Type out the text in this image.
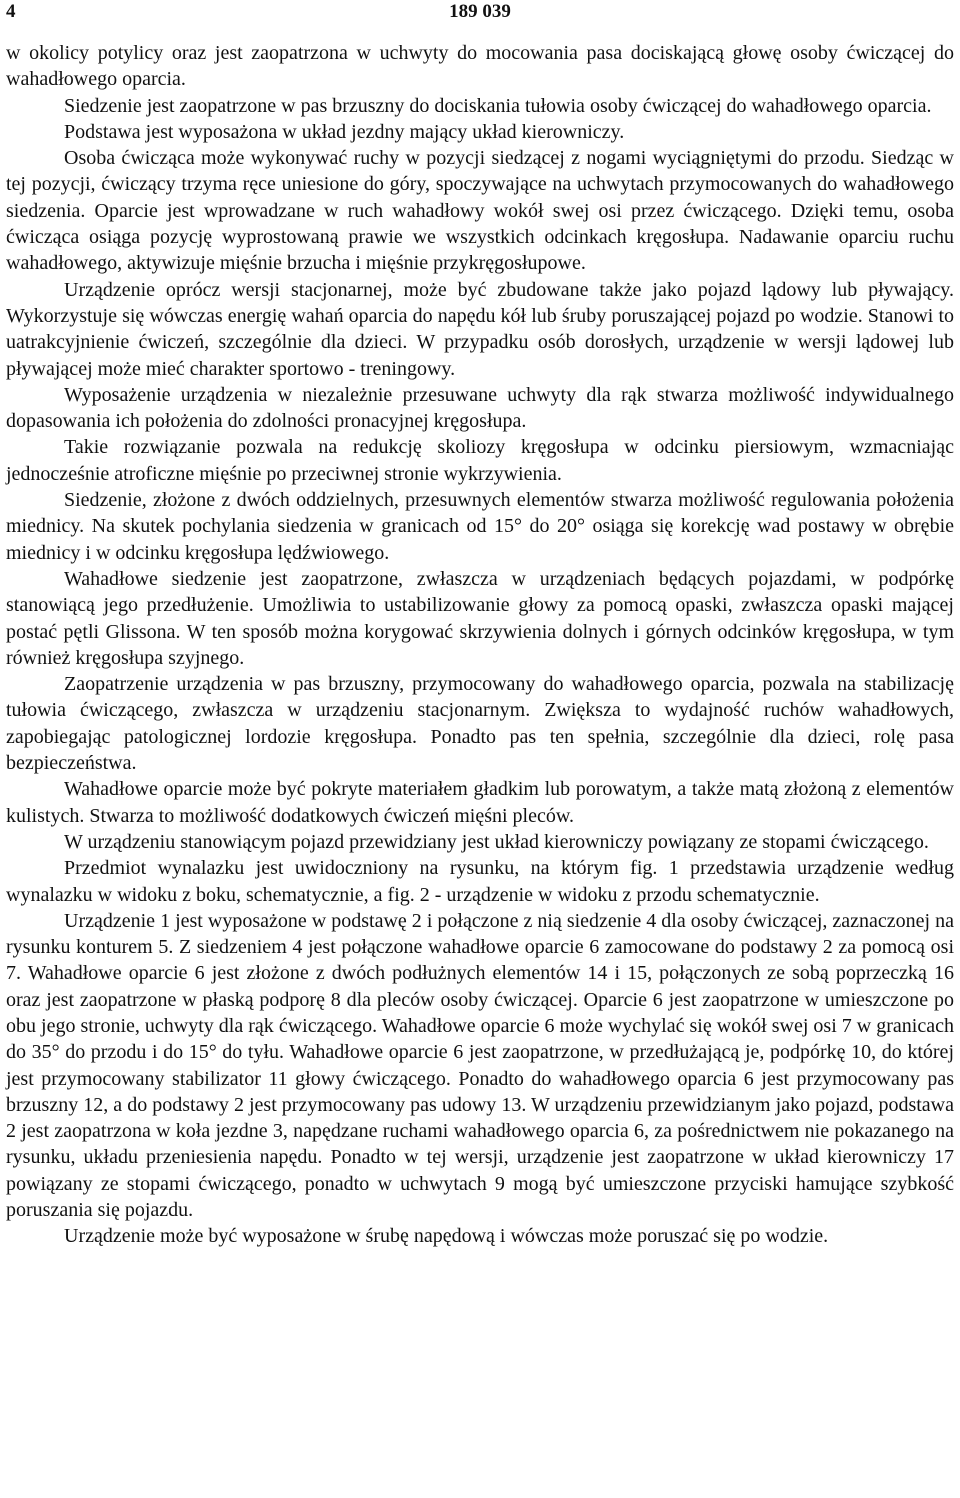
4	189 039

w okolicy potylicy oraz jest zaopatrzona w uchwyty do mocowania pasa dociskającą głowę osoby ćwiczącej do wahadłowego oparcia.

Siedzenie jest zaopatrzone w pas brzuszny do dociskania tułowia osoby ćwiczącej do wahadłowego oparcia.

Podstawa jest wyposażona w układ jezdny mający układ kierowniczy.

Osoba ćwicząca może wykonywać ruchy w pozycji siedzącej z nogami wyciągniętymi do przodu. Siedząc w tej pozycji, ćwiczący trzyma ręce uniesione do góry, spoczywające na uchwytach przymocowanych do wahadłowego siedzenia. Oparcie jest wprowadzane w ruch wahadłowy wokół swej osi przez ćwiczącego. Dzięki temu, osoba ćwicząca osiąga pozycję wyprostowaną prawie we wszystkich odcinkach kręgosłupa. Nadawanie oparciu ruchu wahadłowego, aktywizuje mięśnie brzucha i mięśnie przykręgosłupowe.

Urządzenie oprócz wersji stacjonarnej, może być zbudowane także jako pojazd lądowy lub pływający. Wykorzystuje się wówczas energię wahań oparcia do napędu kół lub śruby poruszającej pojazd po wodzie. Stanowi to uatrakcyjnienie ćwiczeń, szczególnie dla dzieci. W przypadku osób dorosłych, urządzenie w wersji lądowej lub pływającej może mieć charakter sportowo - treningowy.

Wyposażenie urządzenia w niezależnie przesuwane uchwyty dla rąk stwarza możliwość indywidualnego dopasowania ich położenia do zdolności pronacyjnej kręgosłupa.

Takie rozwiązanie pozwala na redukcję skoliozy kręgosłupa w odcinku piersiowym, wzmacniając jednocześnie atroficzne mięśnie po przeciwnej stronie wykrzywienia.

Siedzenie, złożone z dwóch oddzielnych, przesuwnych elementów stwarza możliwość regulowania położenia miednicy. Na skutek pochylania siedzenia w granicach od 15° do 20° osiąga się korekcję wad postawy w obrębie miednicy i w odcinku kręgosłupa lędźwiowego.

Wahadłowe siedzenie jest zaopatrzone, zwłaszcza w urządzeniach będących pojazdami, w podpórkę stanowiącą jego przedłużenie. Umożliwia to ustabilizowanie głowy za pomocą opaski, zwłaszcza opaski mającej postać pętli Glissona. W ten sposób można korygować skrzywienia dolnych i górnych odcinków kręgosłupa, w tym również kręgosłupa szyjnego.

Zaopatrzenie urządzenia w pas brzuszny, przymocowany do wahadłowego oparcia, pozwala na stabilizację tułowia ćwiczącego, zwłaszcza w urządzeniu stacjonarnym. Zwiększa to wydajność ruchów wahadłowych, zapobiegając patologicznej lordozie kręgosłupa. Ponadto pas ten spełnia, szczególnie dla dzieci, rolę pasa bezpieczeństwa.

Wahadłowe oparcie może być pokryte materiałem gładkim lub porowatym, a także matą złożoną z elementów kulistych. Stwarza to możliwość dodatkowych ćwiczeń mięśni pleców.

W urządzeniu stanowiącym pojazd przewidziany jest układ kierowniczy powiązany ze stopami ćwiczącego.

Przedmiot wynalazku jest uwidoczniony na rysunku, na którym fig. 1 przedstawia urządzenie według wynalazku w widoku z boku, schematycznie, a fig. 2 - urządzenie w widoku z przodu schematycznie.

Urządzenie 1 jest wyposażone w podstawę 2 i połączone z nią siedzenie 4 dla osoby ćwiczącej, zaznaczonej na rysunku konturem 5. Z siedzeniem 4 jest połączone wahadłowe oparcie 6 zamocowane do podstawy 2 za pomocą osi 7. Wahadłowe oparcie 6 jest złożone z dwóch podłużnych elementów 14 i 15, połączonych ze sobą poprzeczką 16 oraz jest zaopatrzone w płaską podporę 8 dla pleców osoby ćwiczącej. Oparcie 6 jest zaopatrzone w umieszczone po obu jego stronie, uchwyty dla rąk ćwiczącego. Wahadłowe oparcie 6 może wychylać się wokół swej osi 7 w granicach do 35° do przodu i do 15° do tyłu. Wahadłowe oparcie 6 jest zaopatrzone, w przedłużającą je, podpórkę 10, do której jest przymocowany stabilizator 11 głowy ćwiczącego. Ponadto do wahadłowego oparcia 6 jest przymocowany pas brzuszny 12, a do podstawy 2 jest przymocowany pas udowy 13. W urządzeniu przewidzianym jako pojazd, podstawa 2 jest zaopatrzona w koła jezdne 3, napędzane ruchami wahadłowego oparcia 6, za pośrednictwem nie pokazanego na rysunku, układu przeniesienia napędu. Ponadto w tej wersji, urządzenie jest zaopatrzone w układ kierowniczy 17 powiązany ze stopami ćwiczącego, ponadto w uchwytach 9 mogą być umieszczone przyciski hamujące szybkość poruszania się pojazdu.

Urządzenie może być wyposażone w śrubę napędową i wówczas może poruszać się po wodzie.
